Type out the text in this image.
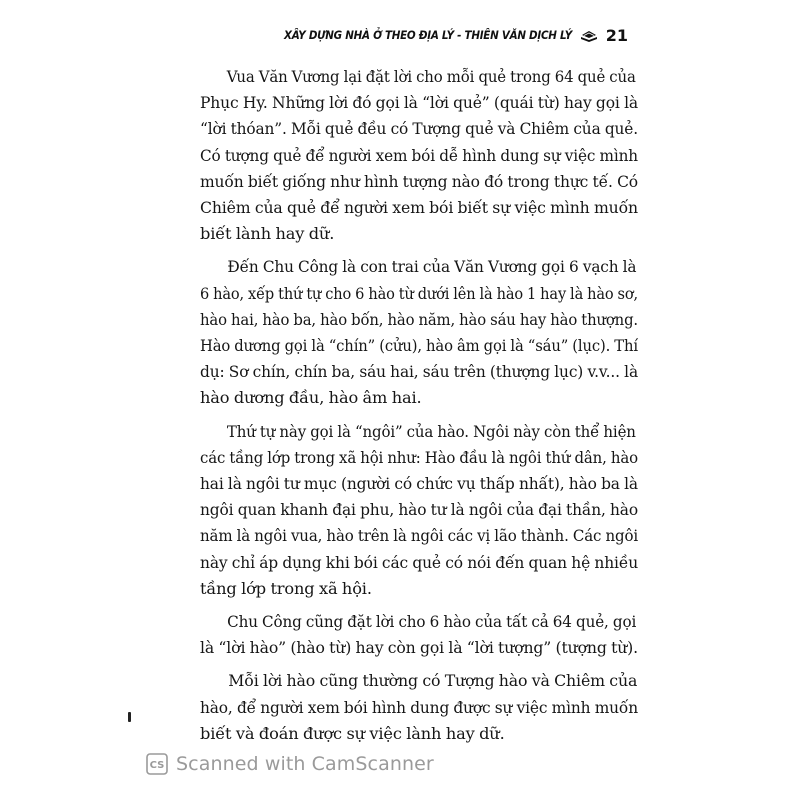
XÂY DỰNG NHÀ Ở THEO ĐỊA LÝ - THIÊN VĂN DỊCH LÝ 21
Vua Văn Vương lại đặt lời cho mỗi quẻ trong 64 quẻ của
Phục Hy. Những lời đó gọi là “lời quẻ” (quái từ) hay gọi là
“lời thóan”. Mỗi quẻ đều có Tượng quẻ và Chiêm của quẻ.
Có tượng quẻ để người xem bói dễ hình dung sự việc mình
muốn biết giống như hình tượng nào đó trong thực tế. Có
Chiêm của quẻ để người xem bói biết sự việc mình muốn
biết lành hay dữ.
Đến Chu Công là con trai của Văn Vương gọi 6 vạch là
6 hào, xếp thứ tự cho 6 hào từ dưới lên là hào 1 hay là hào sơ,
hào hai, hào ba, hào bốn, hào năm, hào sáu hay hào thượng.
Hào dương gọi là “chín” (cửu), hào âm gọi là “sáu” (lục). Thí
dụ: Sơ chín, chín ba, sáu hai, sáu trên (thượng lục) v.v... là
hào dương đầu, hào âm hai.
Thứ tự này gọi là “ngôi” của hào. Ngôi này còn thể hiện
các tầng lớp trong xã hội như: Hào đầu là ngôi thứ dân, hào
hai là ngôi tư mục (người có chức vụ thấp nhất), hào ba là
ngôi quan khanh đại phu, hào tư là ngôi của đại thần, hào
năm là ngôi vua, hào trên là ngôi các vị lão thành. Các ngôi
này chỉ áp dụng khi bói các quẻ có nói đến quan hệ nhiều
tầng lớp trong xã hội.
Chu Công cũng đặt lời cho 6 hào của tất cả 64 quẻ, gọi
là “lời hào” (hào từ) hay còn gọi là “lời tượng” (tượng từ).
Mỗi lời hào cũng thường có Tượng hào và Chiêm của
hào, để người xem bói hình dung được sự việc mình muốn
biết và đoán được sự việc lành hay dữ.
CS Scanned with CamScanner
